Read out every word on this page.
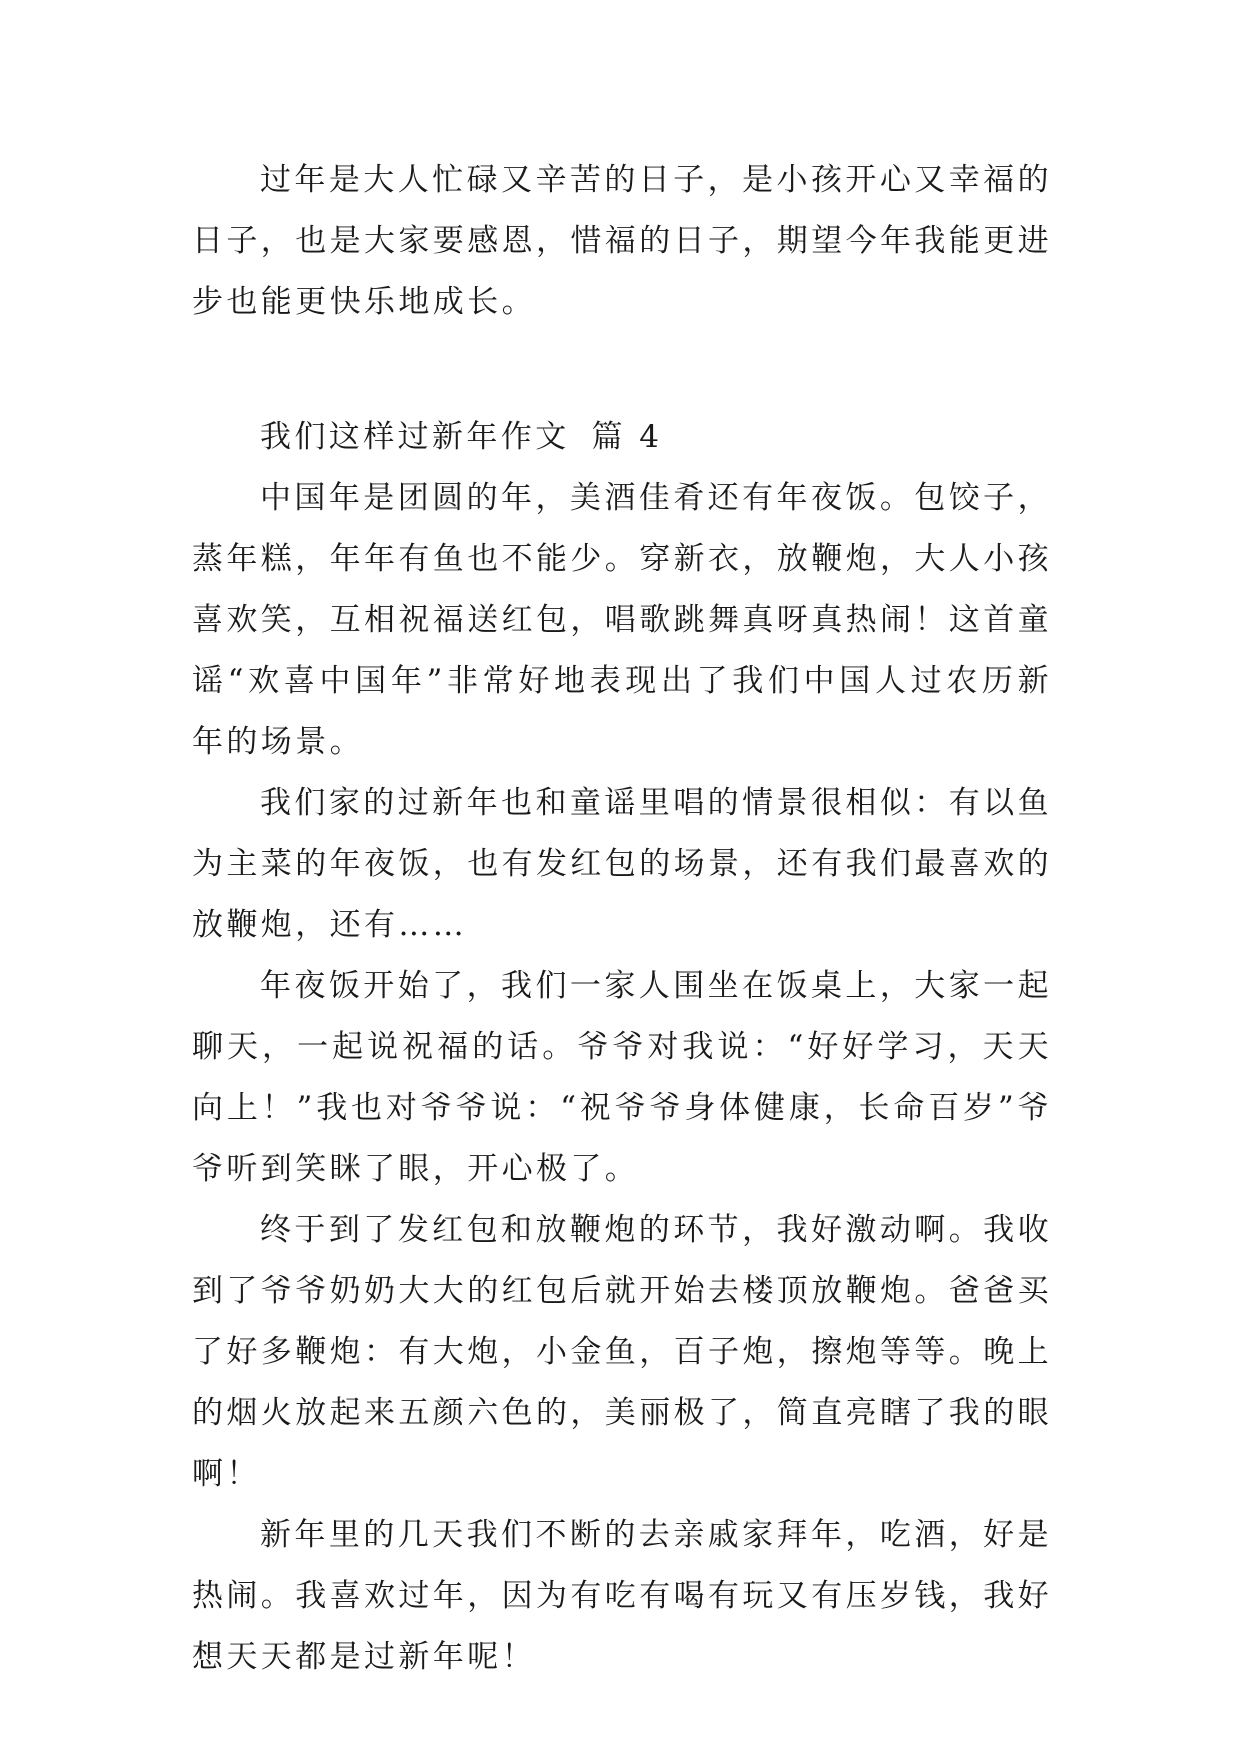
过年是大人忙碌又辛苦的日子，是小孩开心又幸福的日子，也是大家要感恩，惜福的日子，期望今年我能更进步也能更快乐地成长。

我们这样过新年作文 篇 4

中国年是团圆的年，美酒佳肴还有年夜饭。包饺子，蒸年糕，年年有鱼也不能少。穿新衣，放鞭炮，大人小孩喜欢笑，互相祝福送红包，唱歌跳舞真呀真热闹！这首童谣“欢喜中国年”非常好地表现出了我们中国人过农历新年的场景。

我们家的过新年也和童谣里唱的情景很相似：有以鱼为主菜的年夜饭，也有发红包的场景，还有我们最喜欢的放鞭炮，还有……

年夜饭开始了，我们一家人围坐在饭桌上，大家一起聊天，一起说祝福的话。爷爷对我说：“好好学习，天天向上！”我也对爷爷说：“祝爷爷身体健康，长命百岁”爷爷听到笑眯了眼，开心极了。

终于到了发红包和放鞭炮的环节，我好激动啊。我收到了爷爷奶奶大大的红包后就开始去楼顶放鞭炮。爸爸买了好多鞭炮：有大炮，小金鱼，百子炮，擦炮等等。晚上的烟火放起来五颜六色的，美丽极了，简直亮瞎了我的眼啊！

新年里的几天我们不断的去亲戚家拜年，吃酒，好是热闹。我喜欢过年，因为有吃有喝有玩又有压岁钱，我好想天天都是过新年呢！
